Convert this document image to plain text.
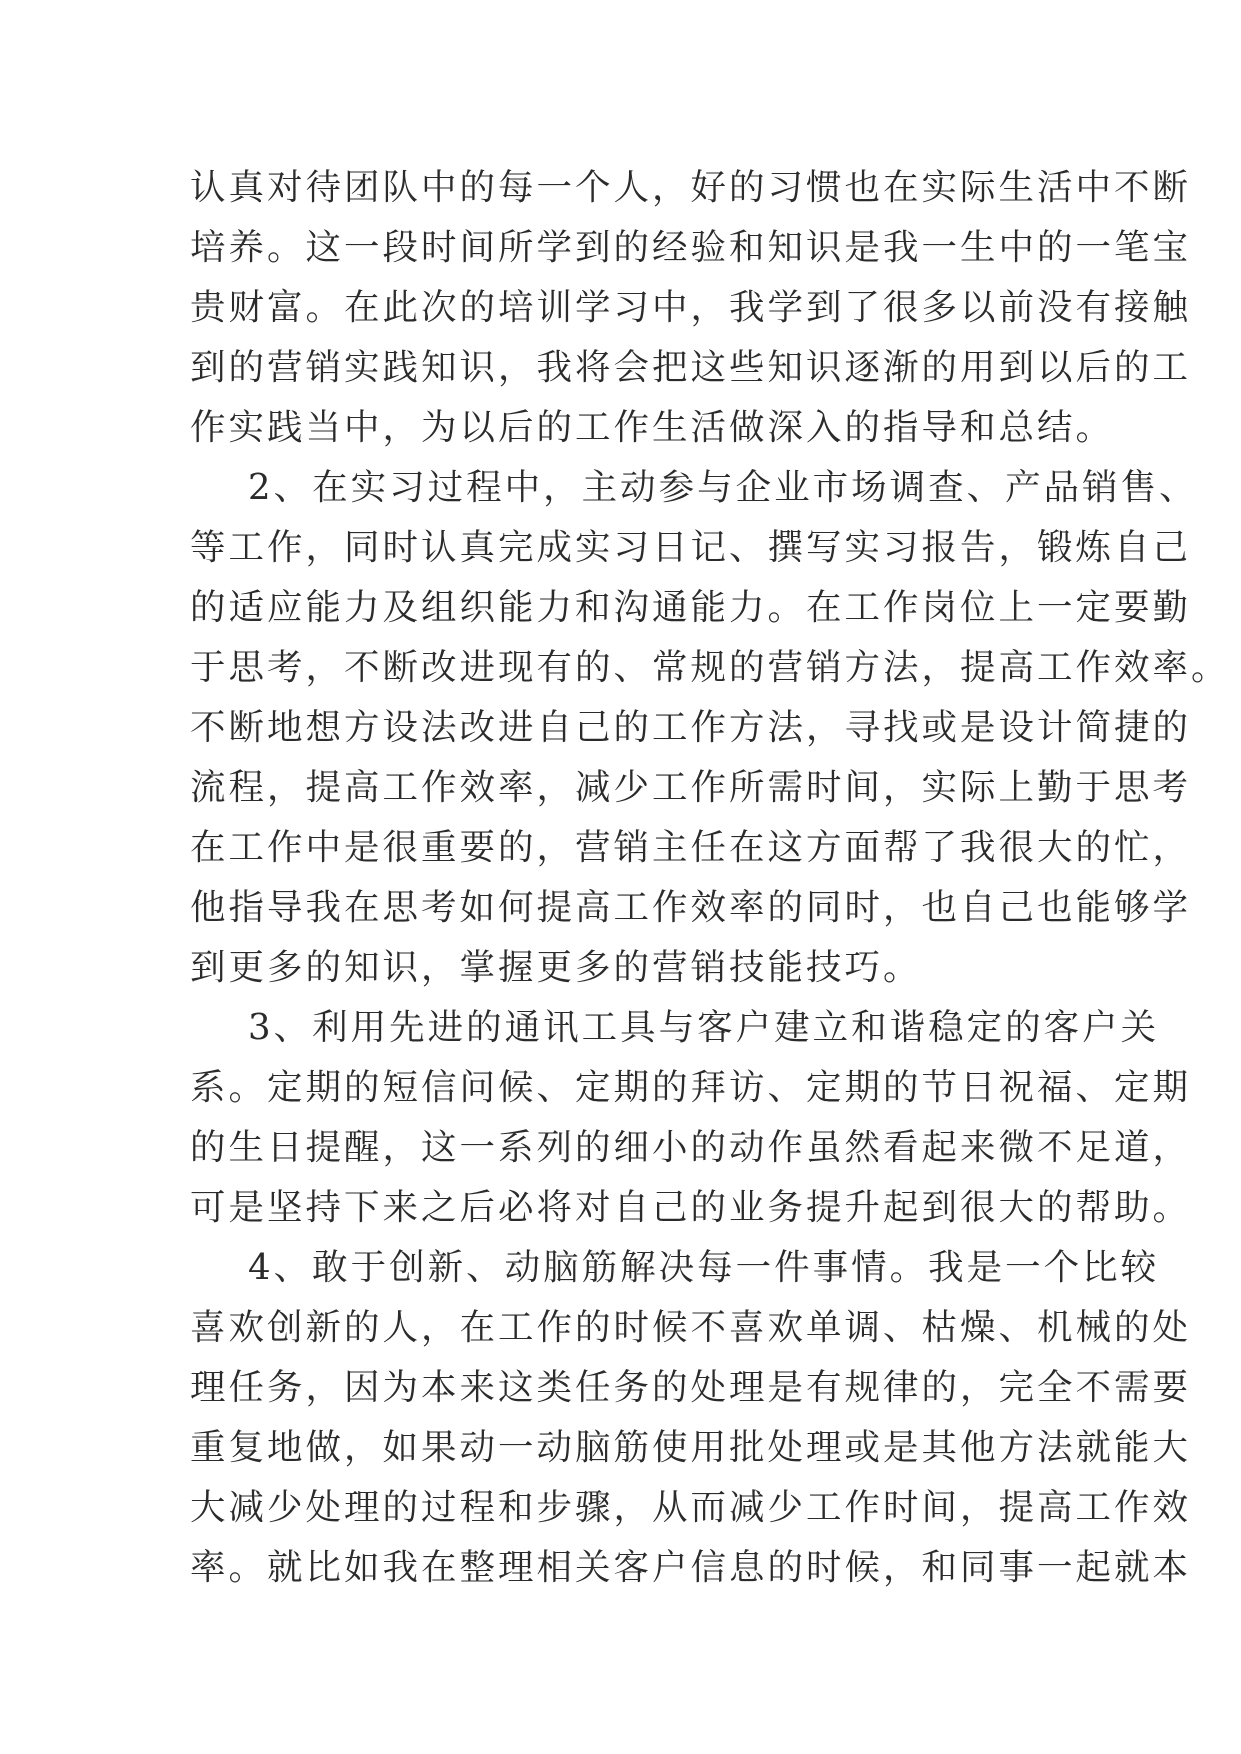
认真对待团队中的每一个人，好的习惯也在实际生活中不断
培养。这一段时间所学到的经验和知识是我一生中的一笔宝
贵财富。在此次的培训学习中，我学到了很多以前没有接触
到的营销实践知识，我将会把这些知识逐渐的用到以后的工
作实践当中，为以后的工作生活做深入的指导和总结。
2、在实习过程中，主动参与企业市场调查、产品销售、
等工作，同时认真完成实习日记、撰写实习报告，锻炼自己
的适应能力及组织能力和沟通能力。在工作岗位上一定要勤
于思考，不断改进现有的、常规的营销方法，提高工作效率。
不断地想方设法改进自己的工作方法，寻找或是设计简捷的
流程，提高工作效率，减少工作所需时间，实际上勤于思考
在工作中是很重要的，营销主任在这方面帮了我很大的忙，
他指导我在思考如何提高工作效率的同时，也自己也能够学
到更多的知识，掌握更多的营销技能技巧。
3、利用先进的通讯工具与客户建立和谐稳定的客户关
系。定期的短信问候、定期的拜访、定期的节日祝福、定期
的生日提醒，这一系列的细小的动作虽然看起来微不足道，
可是坚持下来之后必将对自己的业务提升起到很大的帮助。
4、敢于创新、动脑筋解决每一件事情。我是一个比较
喜欢创新的人，在工作的时候不喜欢单调、枯燥、机械的处
理任务，因为本来这类任务的处理是有规律的，完全不需要
重复地做，如果动一动脑筋使用批处理或是其他方法就能大
大减少处理的过程和步骤，从而减少工作时间，提高工作效
率。就比如我在整理相关客户信息的时候，和同事一起就本
